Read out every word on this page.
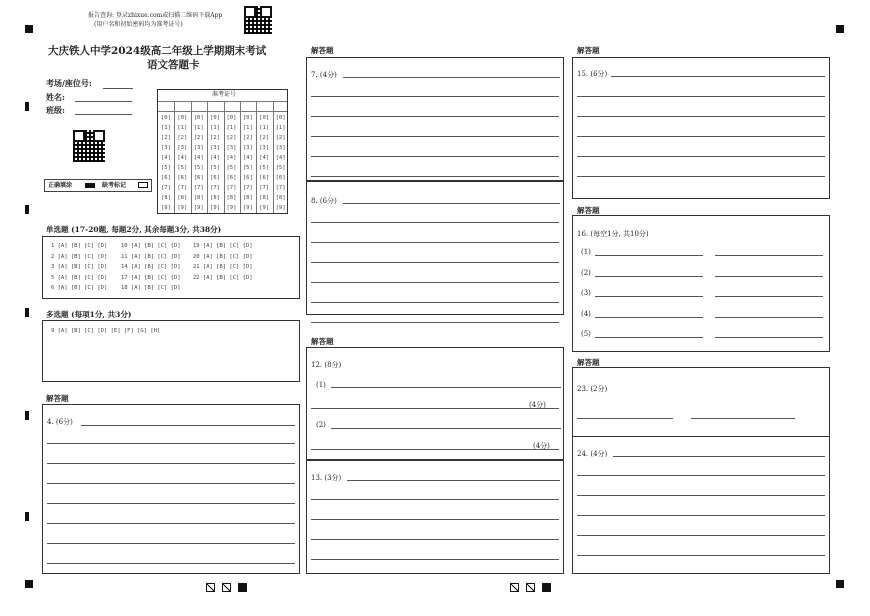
报告查询: 登录zhixue.com或扫描二维码下载App
(用户名和初始密码均为准考证号)
大庆铁人中学2024级高二年级上学期期末考试
语文答题卡
考场/座位号:
姓名:
班级:
正确填涂	缺考标记
准考证号
[0]
[1]
[2]
[3]
[4]
[5]
[6]
[7]
[8]
[9]
[0]
[1]
[2]
[3]
[4]
[5]
[6]
[7]
[8]
[9]
[0]
[1]
[2]
[3]
[4]
[5]
[6]
[7]
[8]
[9]
[0]
[1]
[2]
[3]
[4]
[5]
[6]
[7]
[8]
[9]
[0]
[1]
[2]
[3]
[4]
[5]
[6]
[7]
[8]
[9]
[0]
[1]
[2]
[3]
[4]
[5]
[6]
[7]
[8]
[9]
[0]
[1]
[2]
[3]
[4]
[5]
[6]
[7]
[8]
[9]
[0]
[1]
[2]
[3]
[4]
[5]
[6]
[7]
[8]
[9]
单选题 (17-20题, 每题2分, 其余每题3分, 共38分)
1 [A] [B] [C] [D] 10 [A] [B] [C] [D] 19 [A] [B] [C] [D]
2 [A] [B] [C] [D] 11 [A] [B] [C] [D] 20 [A] [B] [C] [D]
3 [A] [B] [C] [D] 14 [A] [B] [C] [D] 21 [A] [B] [C] [D]
5 [A] [B] [C] [D] 17 [A] [B] [C] [D] 22 [A] [B] [C] [D]
6 [A] [B] [C] [D] 18 [A] [B] [C] [D]
多选题 (每项1分, 共3分)
9 [A] [B] [C] [D] [E] [F] [G] [H]
解答题
4. (6分)
解答题
7. (4分)
8. (6分)
解答题
12. (8分)
(1)
(4分)
(2)
(4分)
13. (3分)
解答题
15. (6分)
解答题
16. (每空1分, 共10分)
(1)
(2)
(3)
(4)
(5)
解答题
23. (2分)
24. (4分)
